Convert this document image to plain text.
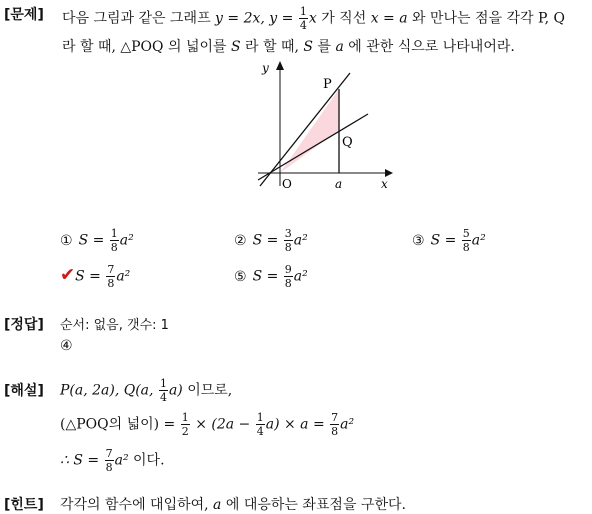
[문제] 다음 그림과 같은 그래프 y = 2x, $y = \frac{1}{4}$ x 가 직선 x = a 와 만나는 점을 각각 P, Q
라 할 때, △POQ 의 넓이를 S 라 할 때, S 를 a 에 관한 식으로 나타내어라.
y
x
O	a
P
Q
① $S = \frac{1}{8} a^2$	② $S = \frac{3}{8} a^2$	③ $S = \frac{5}{8} a^2$
✔S = $\frac{7}{8} a^2$	⑤ $S = \frac{9}{8} a^2$
[정답] 순서: 없음, 갯수: 1
④
[해설] P(a, 2a), Q(a, $\frac{1}{4} a$) 이므로,
(△POQ의 넓이) = $\frac{1}{2} \times (2a - \frac{1}{4} a) \times a = \frac{7}{8} a^2$
∴ $S = \frac{7}{8} a^2$ 이다.
[힌트] 각각의 함수에 대입하여, a 에 대응하는 좌표점을 구한다.
